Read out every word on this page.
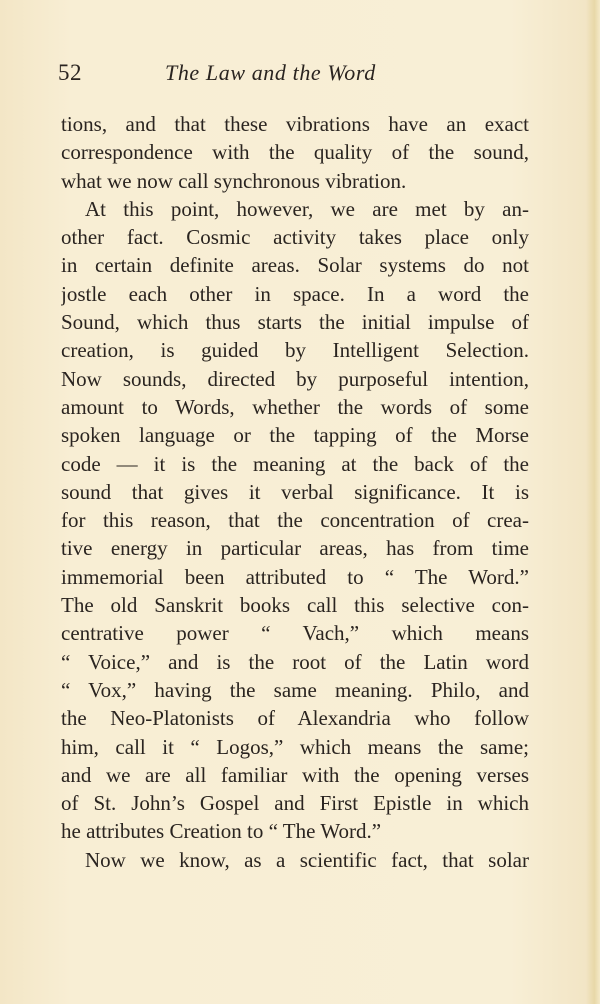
52	The Law and the Word
tions, and that these vibrations have an exact
correspondence with the quality of the sound,
what we now call synchronous vibration.
At this point, however, we are met by an-
other fact. Cosmic activity takes place only
in certain definite areas. Solar systems do not
jostle each other in space. In a word the
Sound, which thus starts the initial impulse of
creation, is guided by Intelligent Selection.
Now sounds, directed by purposeful intention,
amount to Words, whether the words of some
spoken language or the tapping of the Morse
code — it is the meaning at the back of the
sound that gives it verbal significance. It is
for this reason, that the concentration of crea-
tive energy in particular areas, has from time
immemorial been attributed to “ The Word.”
The old Sanskrit books call this selective con-
centrative power “ Vach,” which means
“ Voice,” and is the root of the Latin word
“ Vox,” having the same meaning. Philo, and
the Neo-Platonists of Alexandria who follow
him, call it “ Logos,” which means the same;
and we are all familiar with the opening verses
of St. John’s Gospel and First Epistle in which
he attributes Creation to “ The Word.”
Now we know, as a scientific fact, that solar
